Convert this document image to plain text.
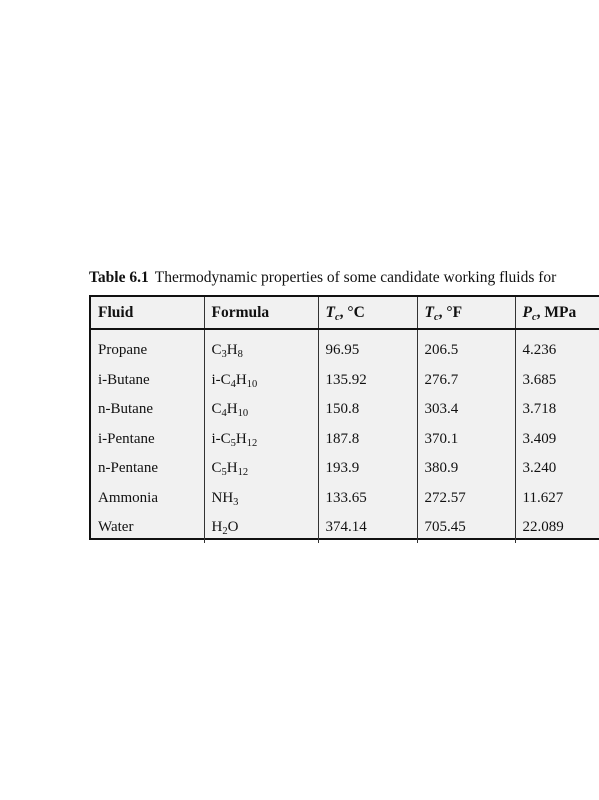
Table 6.1 Thermodynamic properties of some candidate working fluids for
Fluid	Formula	$T_c$, °C	$T_c$, °F	$P_c$, MPa
Propane	$C_3H_8$	96.95	206.5	4.236
i-Butane	$i-C_4H_{10}$	135.92	276.7	3.685
n-Butane	$C_4H_{10}$	150.8	303.4	3.718
i-Pentane	$i-C_5H_{12}$	187.8	370.1	3.409
n-Pentane	$C_5H_{12}$	193.9	380.9	3.240
Ammonia	$NH_3$	133.65	272.57	11.627
Water	$H_2O$	374.14	705.45	22.089
